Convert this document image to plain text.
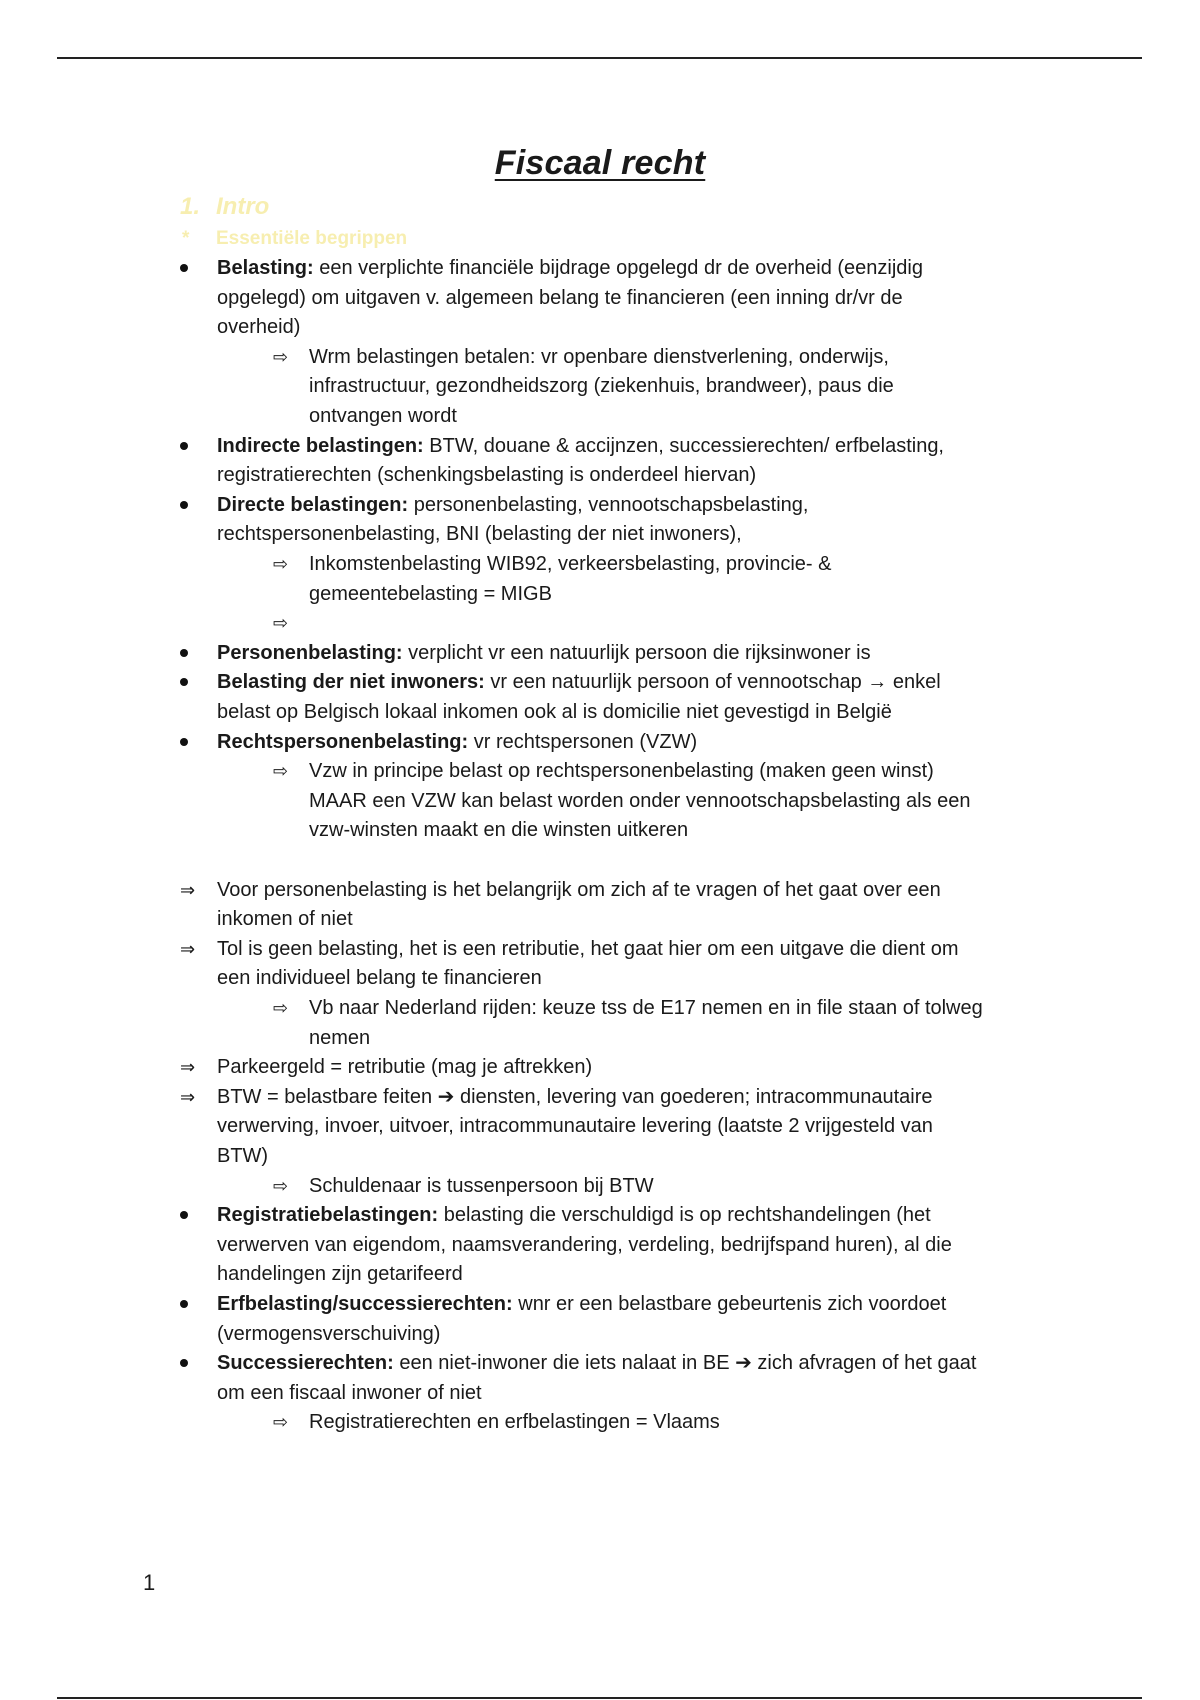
Fiscaal recht
1. Intro
* Essentiële begrippen
Belasting: een verplichte financiële bijdrage opgelegd dr de overheid (eenzijdig
opgelegd) om uitgaven v. algemeen belang te financieren (een inning dr/vr de
overheid)
⇨ Wrm belastingen betalen: vr openbare dienstverlening, onderwijs,
infrastructuur, gezondheidszorg (ziekenhuis, brandweer), paus die
ontvangen wordt
Indirecte belastingen: BTW, douane & accijnzen, successierechten/ erfbelasting,
registratierechten (schenkingsbelasting is onderdeel hiervan)
Directe belastingen: personenbelasting, vennootschapsbelasting,
rechtspersonenbelasting, BNI (belasting der niet inwoners),
⇨ Inkomstenbelasting WIB92, verkeersbelasting, provincie- &
gemeentebelasting = MIGB
⇨
Personenbelasting: verplicht vr een natuurlijk persoon die rijksinwoner is
Belasting der niet inwoners: vr een natuurlijk persoon of vennootschap → enkel
belast op Belgisch lokaal inkomen ook al is domicilie niet gevestigd in België
Rechtspersonenbelasting: vr rechtspersonen (VZW)
⇨ Vzw in principe belast op rechtspersonenbelasting (maken geen winst)
MAAR een VZW kan belast worden onder vennootschapsbelasting als een
vzw-winsten maakt en die winsten uitkeren
⇒ Voor personenbelasting is het belangrijk om zich af te vragen of het gaat over een
inkomen of niet
⇒ Tol is geen belasting, het is een retributie, het gaat hier om een uitgave die dient om
een individueel belang te financieren
⇨ Vb naar Nederland rijden: keuze tss de E17 nemen en in file staan of tolweg
nemen
⇒ Parkeergeld = retributie (mag je aftrekken)
⇒ BTW = belastbare feiten ➔ diensten, levering van goederen; intracommunautaire
verwerving, invoer, uitvoer, intracommunautaire levering (laatste 2 vrijgesteld van
BTW)
⇨ Schuldenaar is tussenpersoon bij BTW
Registratiebelastingen: belasting die verschuldigd is op rechtshandelingen (het
verwerven van eigendom, naamsverandering, verdeling, bedrijfspand huren), al die
handelingen zijn getarifeerd
Erfbelasting/successierechten: wnr er een belastbare gebeurtenis zich voordoet
(vermogensverschuiving)
Successierechten: een niet-inwoner die iets nalaat in BE ➔ zich afvragen of het gaat
om een fiscaal inwoner of niet
⇨ Registratierechten en erfbelastingen = Vlaams
1
